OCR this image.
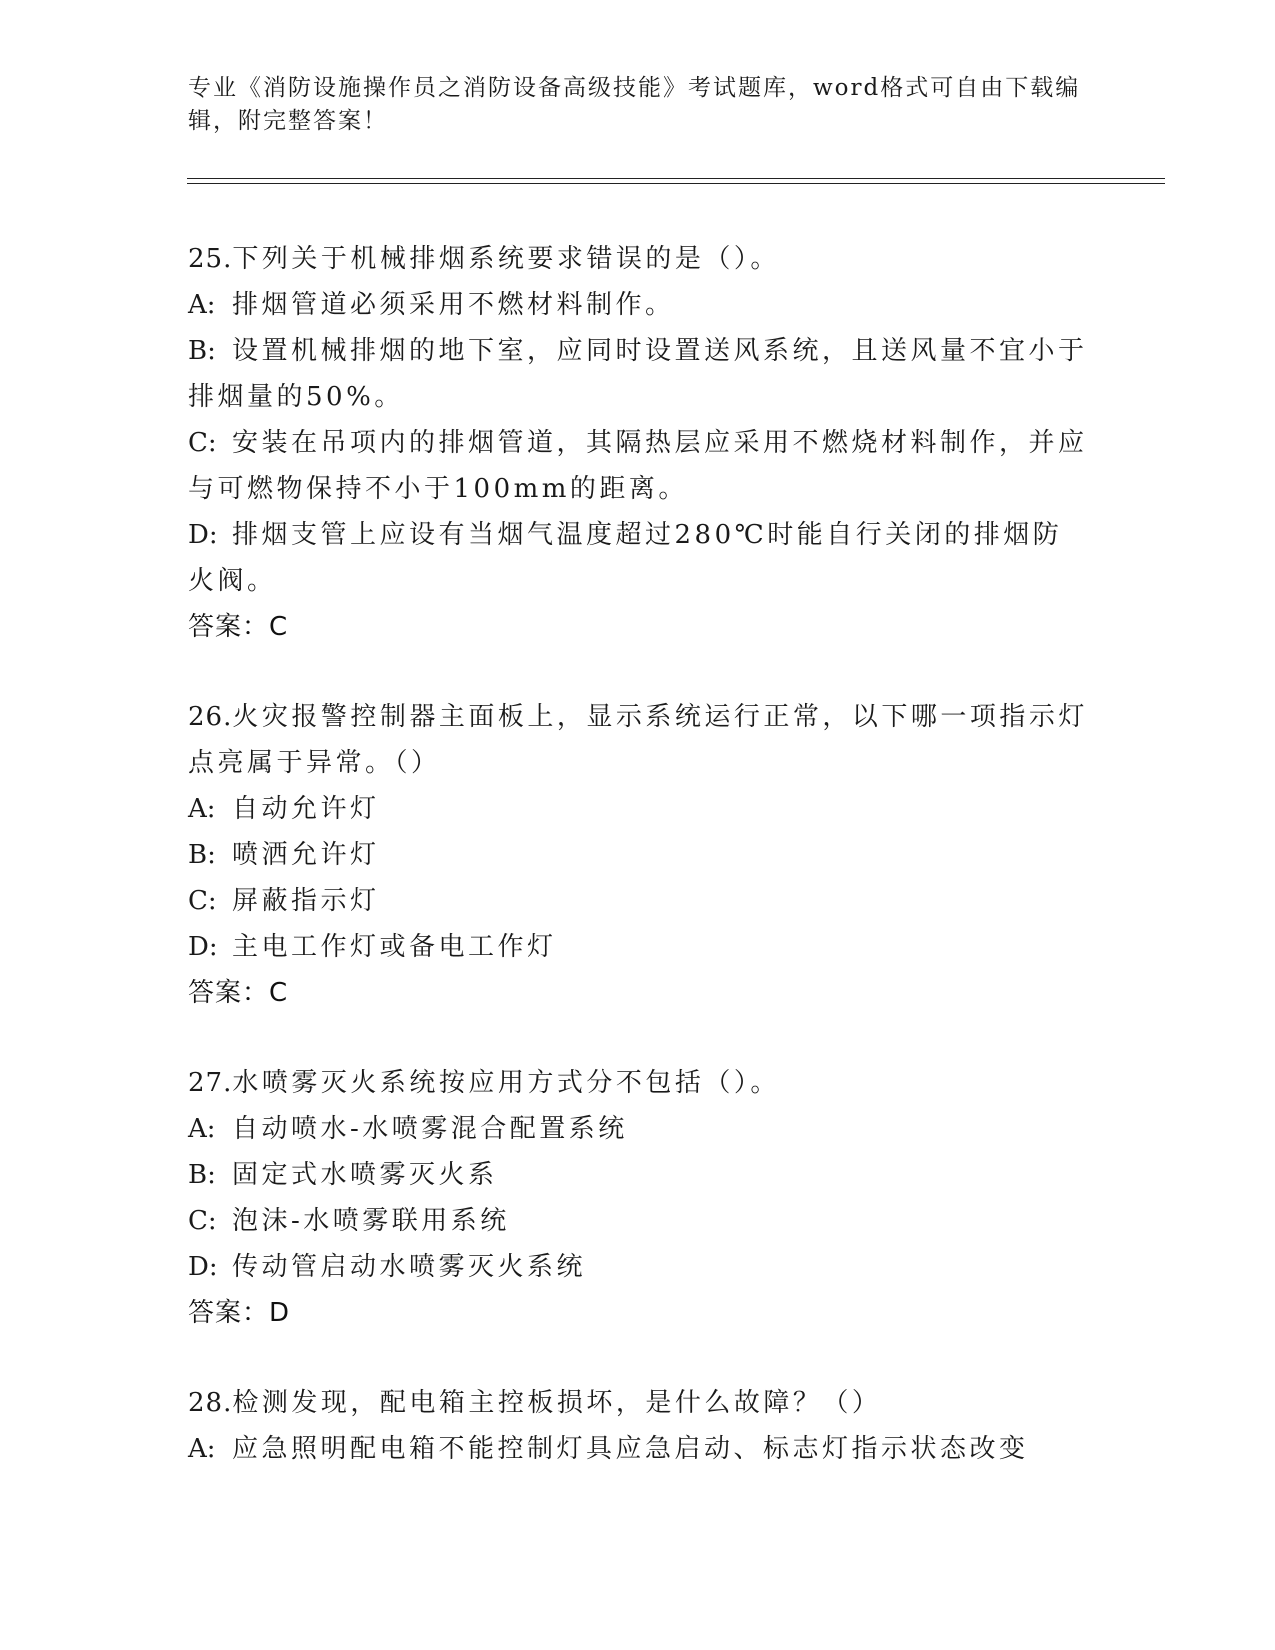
专业《消防设施操作员之消防设备高级技能》考试题库，word格式可自由下载编辑，附完整答案！
25.下列关于机械排烟系统要求错误的是（）。
A: 排烟管道必须采用不燃材料制作。
B: 设置机械排烟的地下室，应同时设置送风系统，且送风量不宜小于排烟量的50%。
C: 安装在吊项内的排烟管道，其隔热层应采用不燃烧材料制作，并应与可燃物保持不小于100mm的距离。
D: 排烟支管上应设有当烟气温度超过280℃时能自行关闭的排烟防火阀。
答案：C
26.火灾报警控制器主面板上，显示系统运行正常，以下哪一项指示灯点亮属于异常。（）
A: 自动允许灯
B: 喷洒允许灯
C: 屏蔽指示灯
D: 主电工作灯或备电工作灯
答案：C
27.水喷雾灭火系统按应用方式分不包括（）。
A: 自动喷水-水喷雾混合配置系统
B: 固定式水喷雾灭火系
C: 泡沫-水喷雾联用系统
D: 传动管启动水喷雾灭火系统
答案：D
28.检测发现，配电箱主控板损坏，是什么故障？（）
A: 应急照明配电箱不能控制灯具应急启动、标志灯指示状态改变
